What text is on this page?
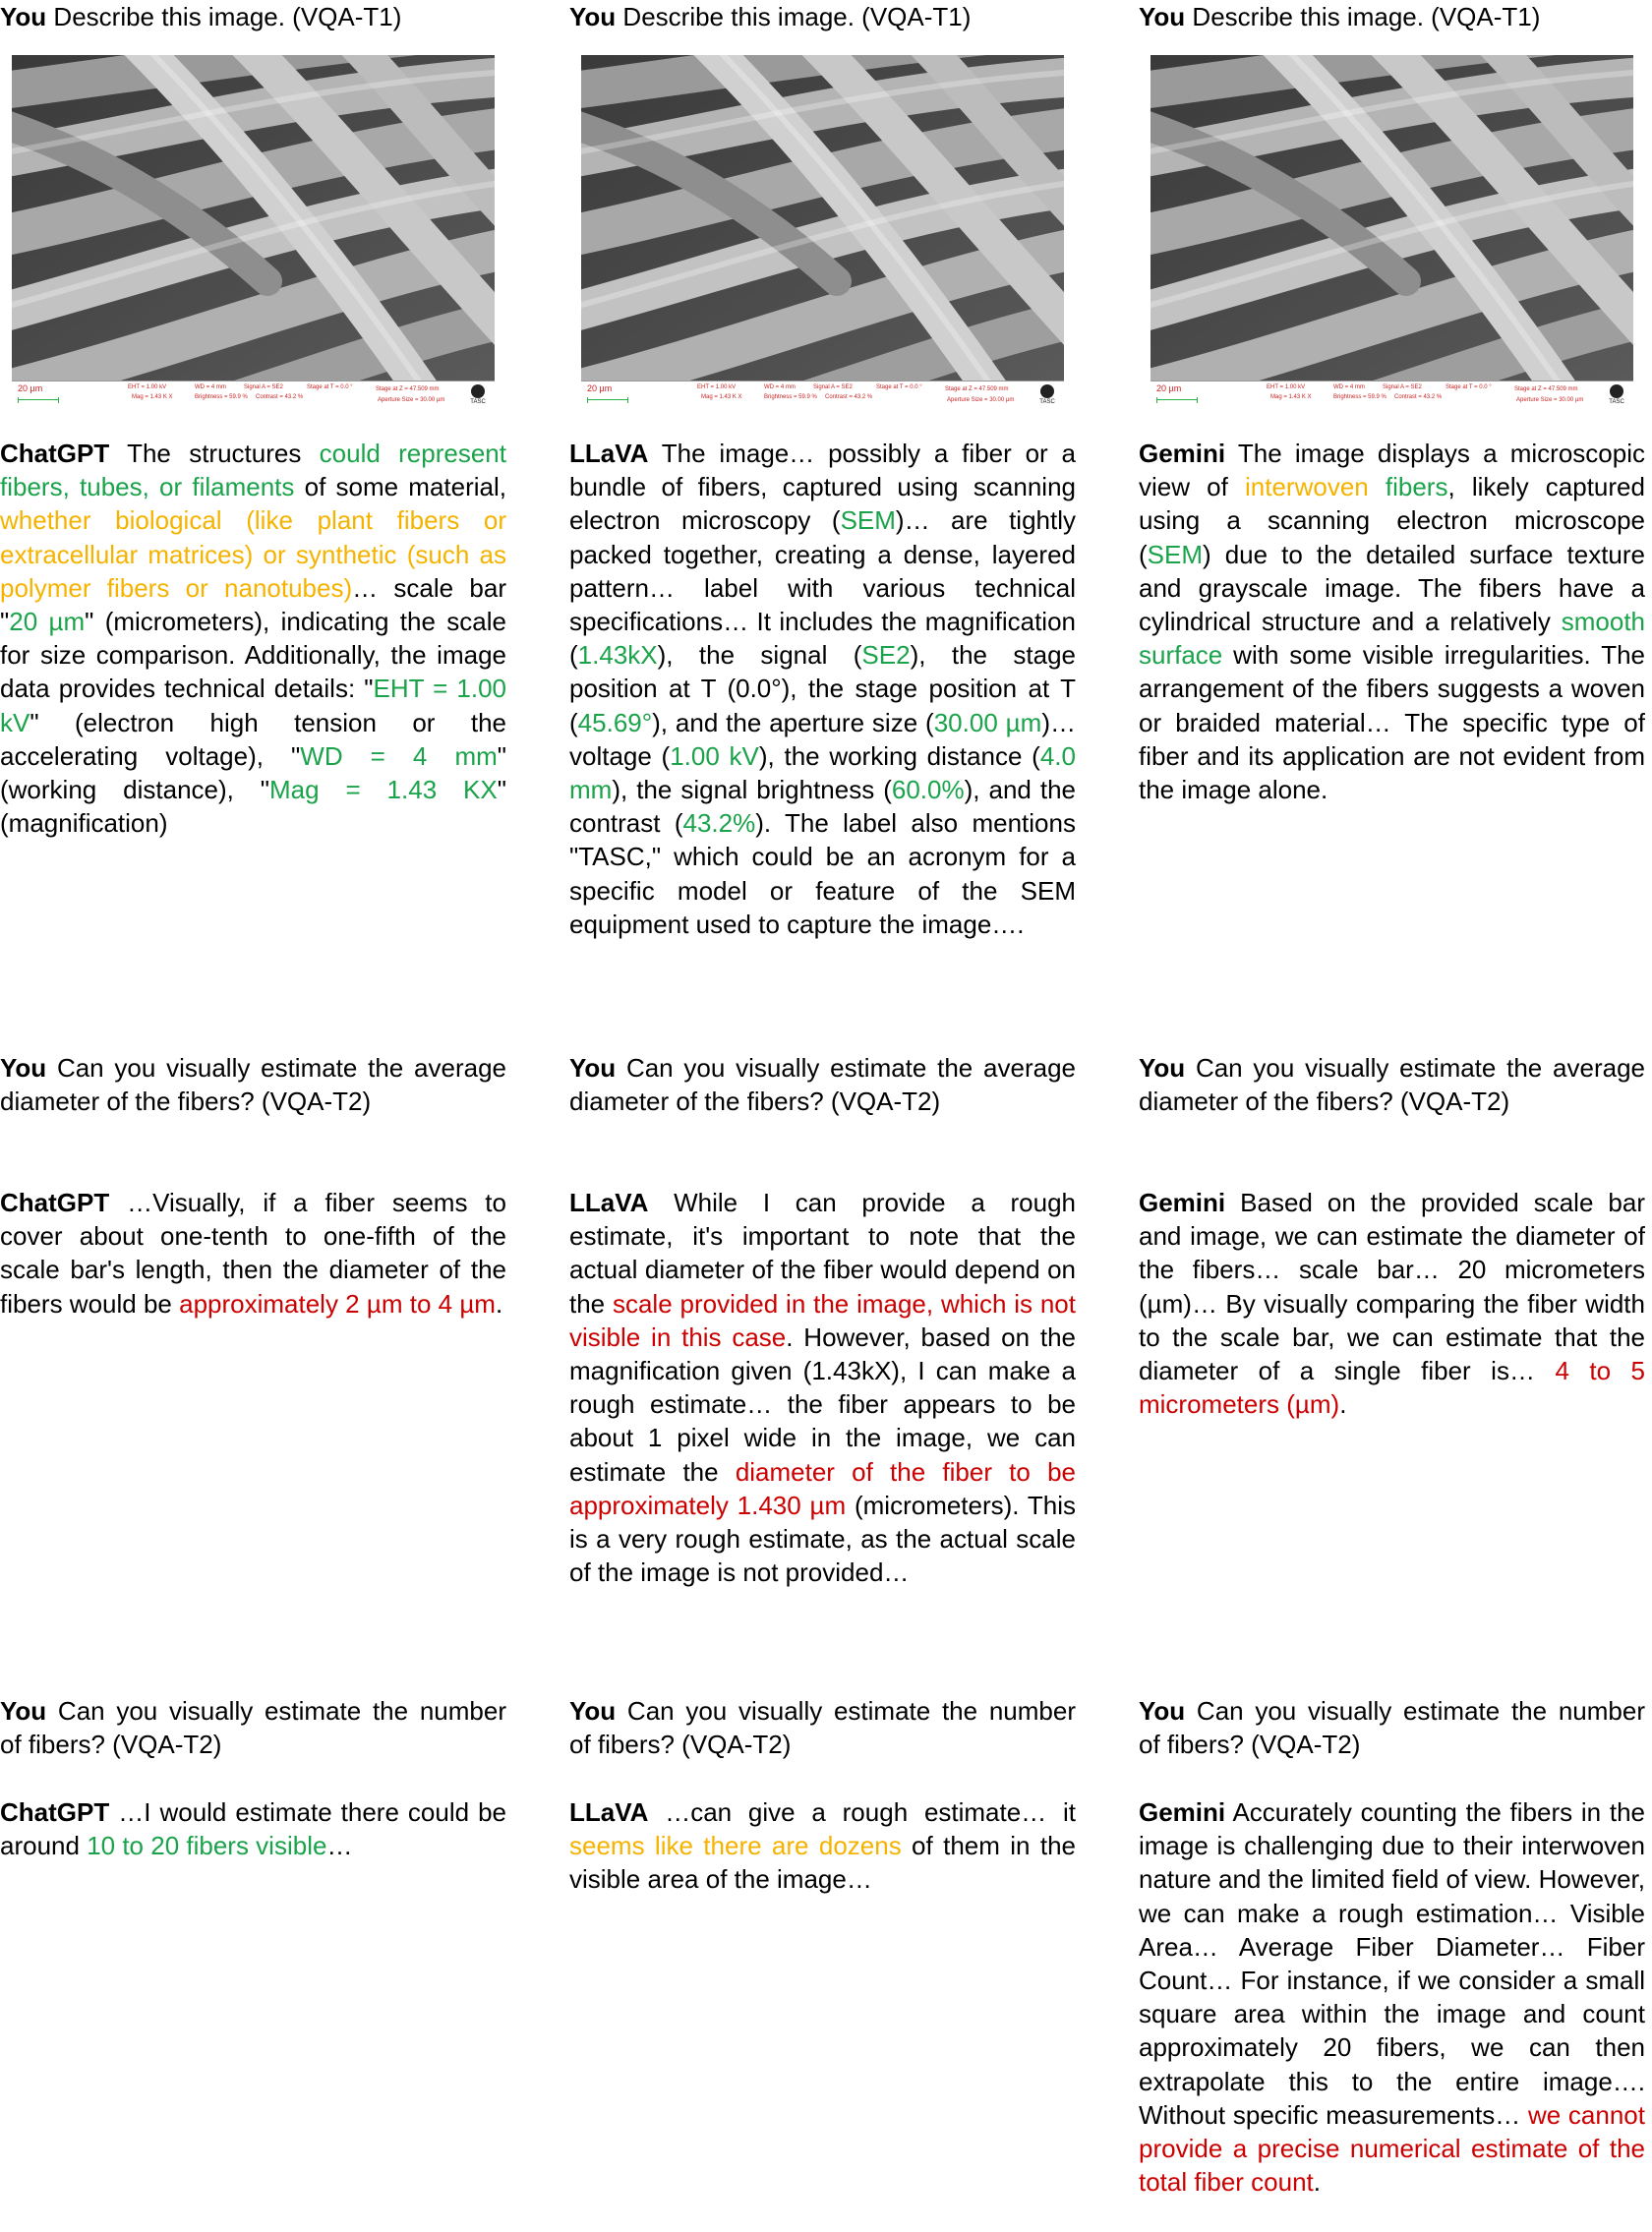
You Describe this image. (VQA-T1)

20 µm	EHT = 1.00 kV
Mag = 1.43 K X
WD = 4 mm	Signal A = SE2
Brightness = 59.9 % Contrast = 43.2 %
Stage at T = 0.0 °	Stage at Z = 47.509 mm
Aperture Size = 30.00 µm	TASC

ChatGPT The structures could represent fibers, tubes, or filaments of some material, whether biological (like plant fibers or extracellular matrices) or synthetic (such as polymer fibers or nanotubes)… scale bar "20 µm" (micrometers), indicating the scale for size comparison. Additionally, the image data provides technical details: "EHT = 1.00 kV" (electron high tension or the accelerating voltage), "WD = 4 mm" (working distance), "Mag = 1.43 KX" (magnification)

You Can you visually estimate the average diameter of the fibers? (VQA-T2)

ChatGPT …Visually, if a fiber seems to cover about one-tenth to one-fifth of the scale bar's length, then the diameter of the fibers would be approximately 2 µm to 4 µm.

You Can you visually estimate the number of fibers? (VQA-T2)

ChatGPT …I would estimate there could be around 10 to 20 fibers visible…

You Describe this image. (VQA-T1)

20 µm	EHT = 1.00 kV
Mag = 1.43 K X
WD = 4 mm	Signal A = SE2
Brightness = 59.9 % Contrast = 43.2 %
Stage at T = 0.0 °	Stage at Z = 47.509 mm
Aperture Size = 30.00 µm	TASC

LLaVA The image… possibly a fiber or a bundle of fibers, captured using scanning electron microscopy (SEM)… are tightly packed together, creating a dense, layered pattern… label with various technical specifications… It includes the magnification (1.43kX), the signal (SE2), the stage position at T (0.0°), the stage position at T (45.69°), and the aperture size (30.00 µm)… voltage (1.00 kV), the working distance (4.0 mm), the signal brightness (60.0%), and the contrast (43.2%). The label also mentions "TASC," which could be an acronym for a specific model or feature of the SEM equipment used to capture the image….

You Can you visually estimate the average diameter of the fibers? (VQA-T2)

LLaVA While I can provide a rough estimate, it's important to note that the actual diameter of the fiber would depend on the scale provided in the image, which is not visible in this case. However, based on the magnification given (1.43kX), I can make a rough estimate… the fiber appears to be about 1 pixel wide in the image, we can estimate the diameter of the fiber to be approximately 1.430 µm (micrometers). This is a very rough estimate, as the actual scale of the image is not provided…

You Can you visually estimate the number of fibers? (VQA-T2)

LLaVA …can give a rough estimate… it seems like there are dozens of them in the visible area of the image…

You Describe this image. (VQA-T1)

20 µm	EHT = 1.00 kV
Mag = 1.43 K X
WD = 4 mm	Signal A = SE2
Brightness = 59.9 % Contrast = 43.2 %
Stage at T = 0.0 °	Stage at Z = 47.509 mm
Aperture Size = 30.00 µm	TASC

Gemini The image displays a microscopic view of interwoven fibers, likely captured using a scanning electron microscope (SEM) due to the detailed surface texture and grayscale image. The fibers have a cylindrical structure and a relatively smooth surface with some visible irregularities. The arrangement of the fibers suggests a woven or braided material… The specific type of fiber and its application are not evident from the image alone.

You Can you visually estimate the average diameter of the fibers? (VQA-T2)

Gemini Based on the provided scale bar and image, we can estimate the diameter of the fibers… scale bar… 20 micrometers (µm)… By visually comparing the fiber width to the scale bar, we can estimate that the diameter of a single fiber is… 4 to 5 micrometers (µm).

You Can you visually estimate the number of fibers? (VQA-T2)

Gemini Accurately counting the fibers in the image is challenging due to their interwoven nature and the limited field of view. However, we can make a rough estimation… Visible Area… Average Fiber Diameter… Fiber Count… For instance, if we consider a small square area within the image and count approximately 20 fibers, we can then extrapolate this to the entire image…. Without specific measurements… we cannot provide a precise numerical estimate of the total fiber count.
